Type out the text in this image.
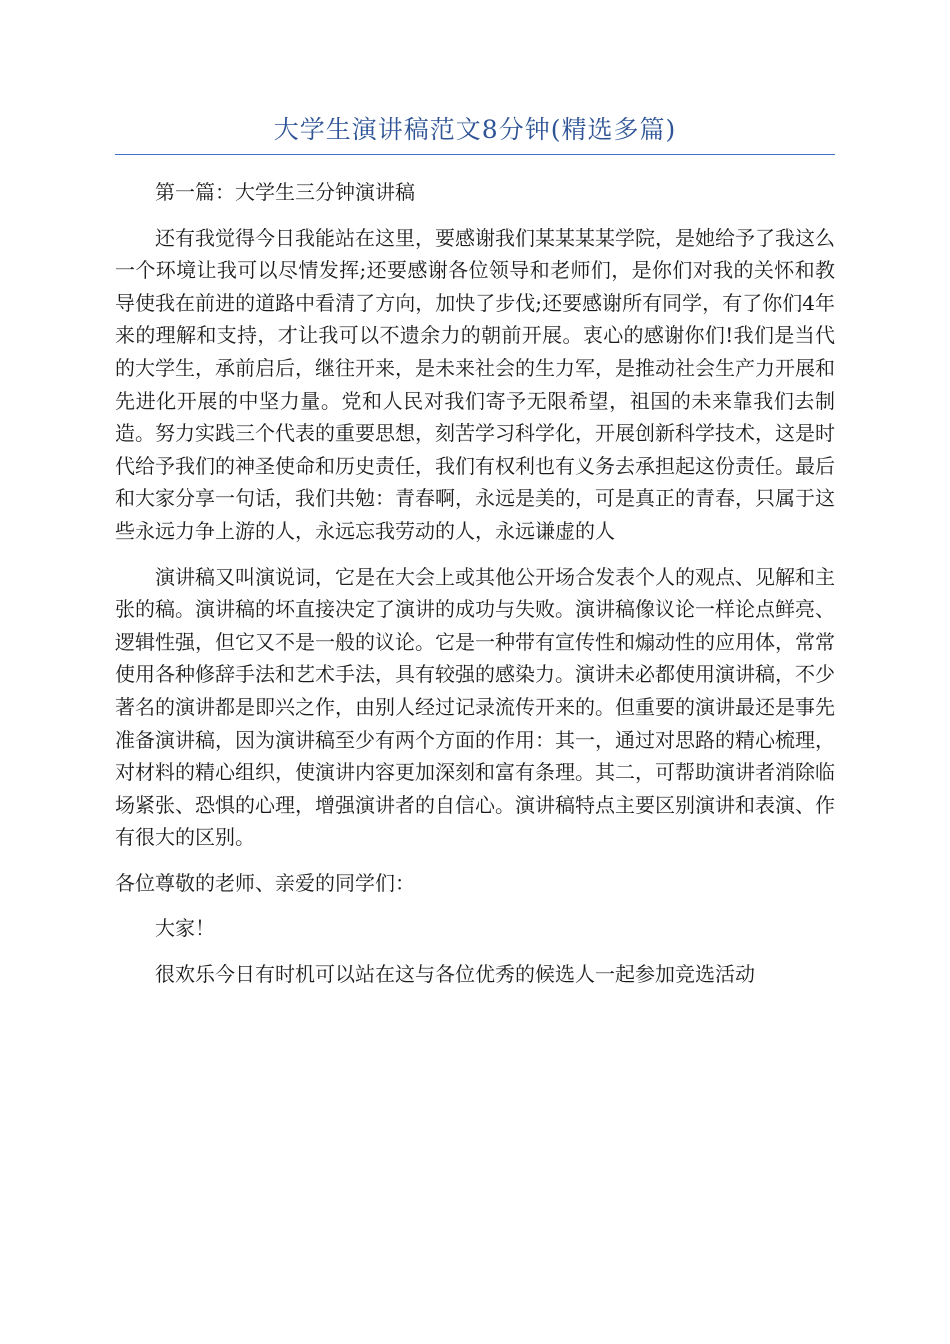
大学生演讲稿范文8分钟(精选多篇)

第一篇：大学生三分钟演讲稿

还有我觉得今日我能站在这里，要感谢我们某某某某学院，是她给予了我这么一个环境让我可以尽情发挥;还要感谢各位领导和老师们，是你们对我的关怀和教导使我在前进的道路中看清了方向，加快了步伐;还要感谢所有同学，有了你们4年来的理解和支持，才让我可以不遗余力的朝前开展。衷心的感谢你们!我们是当代的大学生，承前启后，继往开来，是未来社会的生力军，是推动社会生产力开展和先进化开展的中坚力量。党和人民对我们寄予无限希望，祖国的未来靠我们去制造。努力实践三个代表的重要思想，刻苦学习科学化，开展创新科学技术，这是时代给予我们的神圣使命和历史责任，我们有权利也有义务去承担起这份责任。最后和大家分享一句话，我们共勉：青春啊，永远是美的，可是真正的青春，只属于这些永远力争上游的人，永远忘我劳动的人，永远谦虚的人

演讲稿又叫演说词，它是在大会上或其他公开场合发表个人的观点、见解和主张的稿。演讲稿的坏直接决定了演讲的成功与失败。演讲稿像议论一样论点鲜亮、逻辑性强，但它又不是一般的议论。它是一种带有宣传性和煽动性的应用体，常常使用各种修辞手法和艺术手法，具有较强的感染力。演讲未必都使用演讲稿，不少著名的演讲都是即兴之作，由别人经过记录流传开来的。但重要的演讲最还是事先准备演讲稿，因为演讲稿至少有两个方面的作用：其一，通过对思路的精心梳理，对材料的精心组织，使演讲内容更加深刻和富有条理。其二，可帮助演讲者消除临场紧张、恐惧的心理，增强演讲者的自信心。演讲稿特点主要区别演讲和表演、作有很大的区别。

各位尊敬的老师、亲爱的同学们：

大家！

很欢乐今日有时机可以站在这与各位优秀的候选人一起参加竞选活动
